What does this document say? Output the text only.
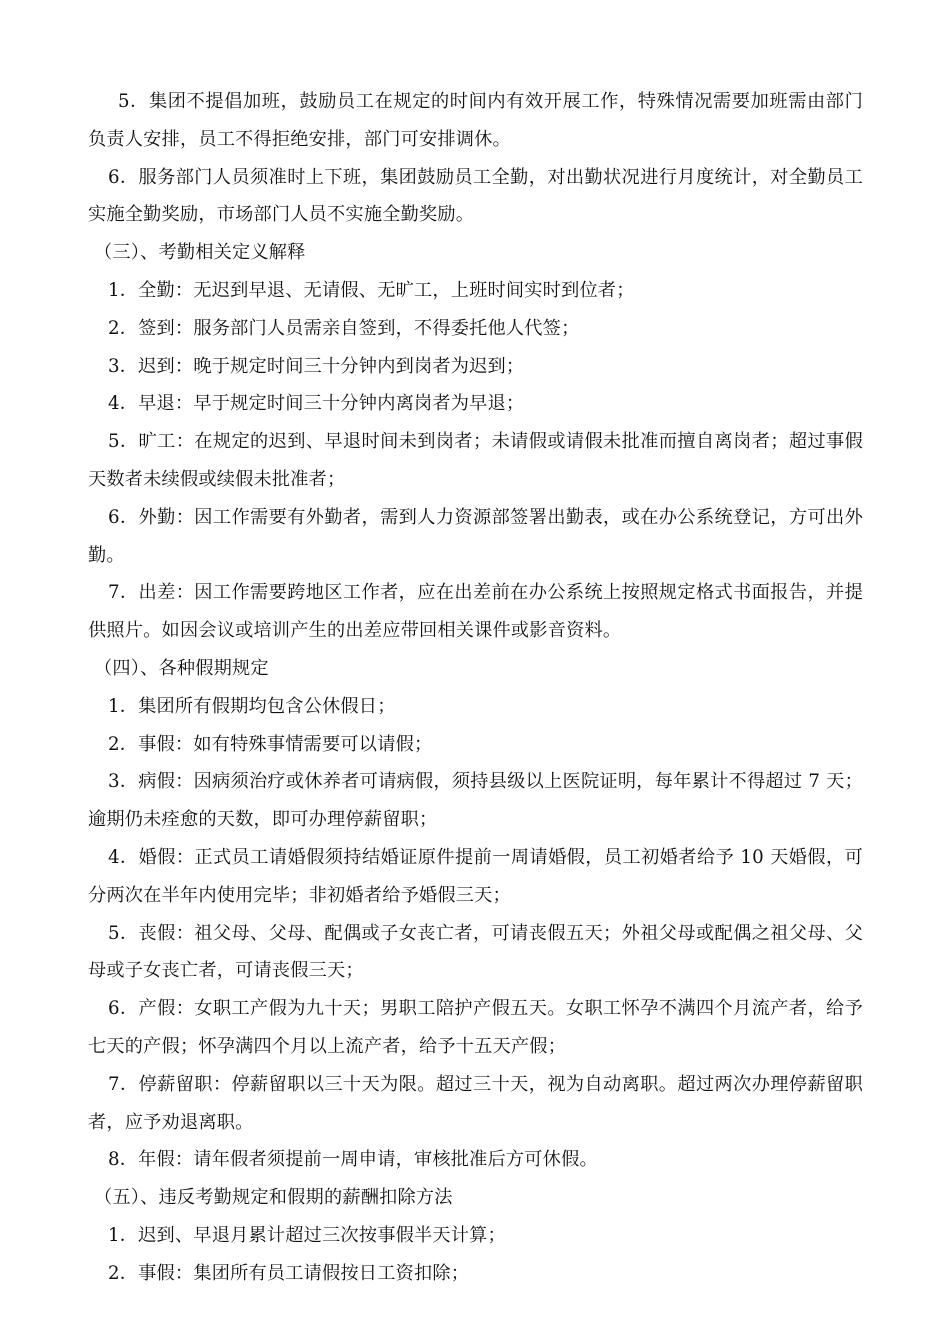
5．集团不提倡加班，鼓励员工在规定的时间内有效开展工作，特殊情况需要加班需由部门负责人安排，员工不得拒绝安排，部门可安排调休。

6．服务部门人员须准时上下班，集团鼓励员工全勤，对出勤状况进行月度统计，对全勤员工实施全勤奖励，市场部门人员不实施全勤奖励。

（三）、考勤相关定义解释

1．全勤：无迟到早退、无请假、无旷工，上班时间实时到位者；

2．签到：服务部门人员需亲自签到，不得委托他人代签；

3．迟到：晚于规定时间三十分钟内到岗者为迟到；

4．早退：早于规定时间三十分钟内离岗者为早退；

5．旷工：在规定的迟到、早退时间未到岗者；未请假或请假未批准而擅自离岗者；超过事假天数者未续假或续假未批准者；

6．外勤：因工作需要有外勤者，需到人力资源部签署出勤表，或在办公系统登记，方可出外勤。

7．出差：因工作需要跨地区工作者，应在出差前在办公系统上按照规定格式书面报告，并提供照片。如因会议或培训产生的出差应带回相关课件或影音资料。

（四）、各种假期规定

1．集团所有假期均包含公休假日；

2．事假：如有特殊事情需要可以请假；

3．病假：因病须治疗或休养者可请病假，须持县级以上医院证明，每年累计不得超过 7 天；逾期仍未痊愈的天数，即可办理停薪留职；

4．婚假：正式员工请婚假须持结婚证原件提前一周请婚假，员工初婚者给予 10 天婚假，可分两次在半年内使用完毕；非初婚者给予婚假三天；

5．丧假：祖父母、父母、配偶或子女丧亡者，可请丧假五天；外祖父母或配偶之祖父母、父母或子女丧亡者，可请丧假三天；

6．产假：女职工产假为九十天；男职工陪护产假五天。女职工怀孕不满四个月流产者，给予七天的产假；怀孕满四个月以上流产者，给予十五天产假；

7．停薪留职：停薪留职以三十天为限。超过三十天，视为自动离职。超过两次办理停薪留职者，应予劝退离职。

8．年假：请年假者须提前一周申请，审核批准后方可休假。

（五）、违反考勤规定和假期的薪酬扣除方法

1．迟到、早退月累计超过三次按事假半天计算；

2．事假：集团所有员工请假按日工资扣除；
